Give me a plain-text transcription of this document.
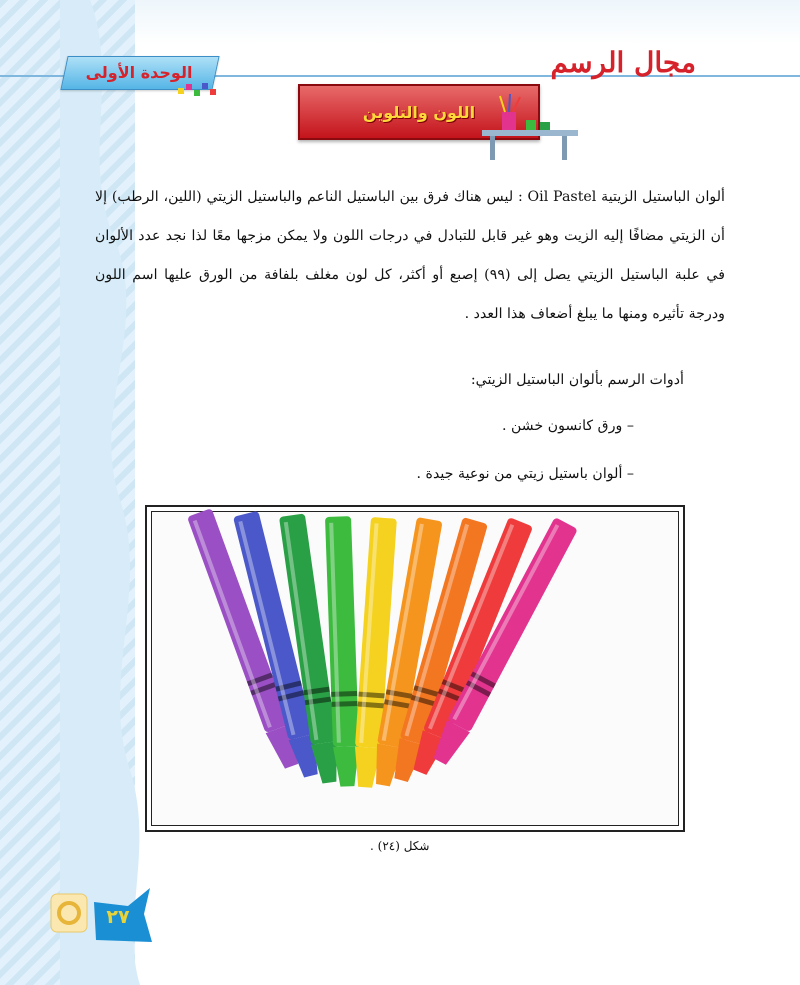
الوحدة الأولى	مجال الرسم
اللون والتلوين
ألوان الباستيل الزيتية Oil Pastel : ليس هناك فرق بين الباستيل الناعم والباستيل الزيتي (اللين، الرطب) إلا أن الزيتي مضافًا إليه الزيت وهو غير قابل للتبادل في درجات اللون ولا يمكن مزجها معًا لذا نجد عدد الألوان في علبة الباستيل الزيتي يصل إلى (٩٩) إصبع أو أكثر، كل لون مغلف بلفافة من الورق عليها اسم اللون ودرجة تأثيره ومنها ما يبلغ أضعاف هذا العدد .
أدوات الرسم بألوان الباستيل الزيتي:
– ورق كانسون خشن .
– ألوان باستيل زيتي من نوعية جيدة .
شكل (٢٤) .
٢٧
